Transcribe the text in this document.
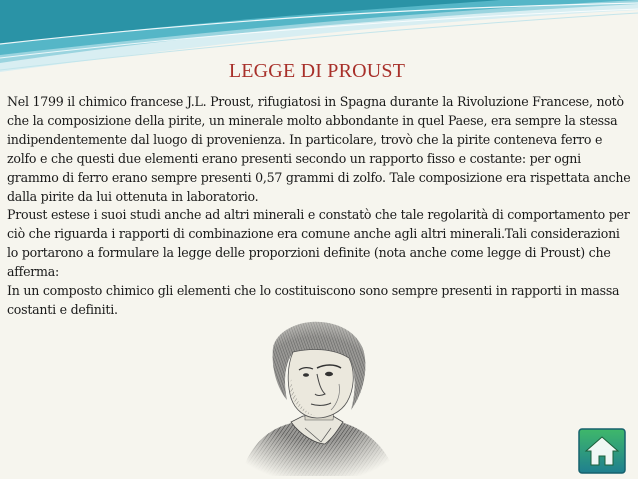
LEGGE DI PROUST

Nel 1799 il chimico francese J.L. Proust, rifugiatosi in Spagna durante la Rivoluzione Francese, notò che la composizione della pirite, un minerale molto abbondante in quel Paese, era sempre la stessa indipendentemente dal luogo di provenienza. In particolare, trovò che la pirite conteneva ferro e zolfo e che questi due elementi erano presenti secondo un rapporto fisso e costante: per ogni grammo di ferro erano sempre presenti 0,57 grammi di zolfo. Tale composizione era rispettata anche dalla pirite da lui ottenuta in laboratorio.

Proust estese i suoi studi anche ad altri minerali e constatò che tale regolarità di comportamento per ciò che riguarda i rapporti di combinazione era comune anche agli altri minerali.Tali considerazioni lo portarono a formulare la legge delle proporzioni definite (nota anche come legge di Proust) che afferma:

In un composto chimico gli elementi che lo costituiscono sono sempre presenti in rapporti in massa costanti e definiti.
